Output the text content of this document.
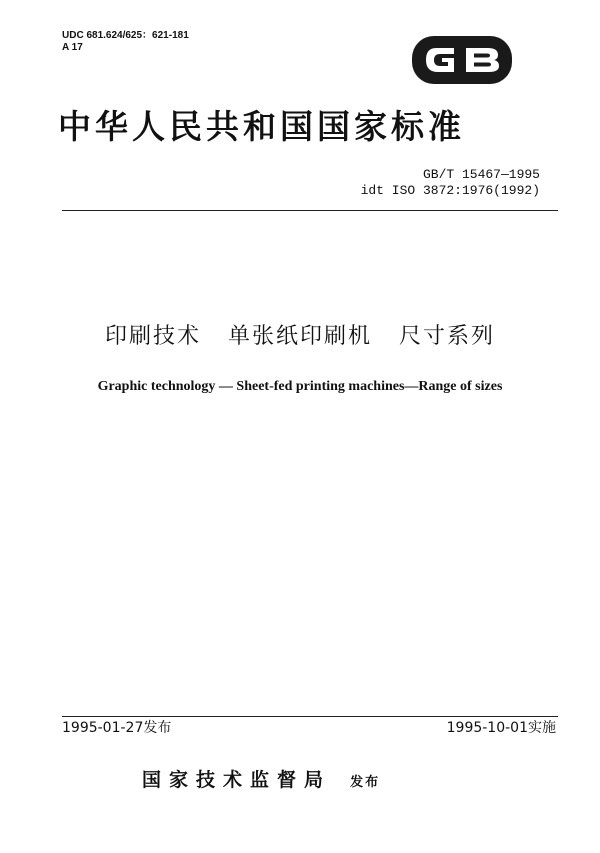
UDC 681.624/625：621-181
A 17
中华人民共和国国家标准
GB/T 15467—1995
idt ISO 3872:1976(1992)
印刷技术   单张纸印刷机   尺寸系列
Graphic technology — Sheet-fed printing machines—Range of sizes
1995-01-27发布	1995-10-01实施
国家技术监督局 发布
